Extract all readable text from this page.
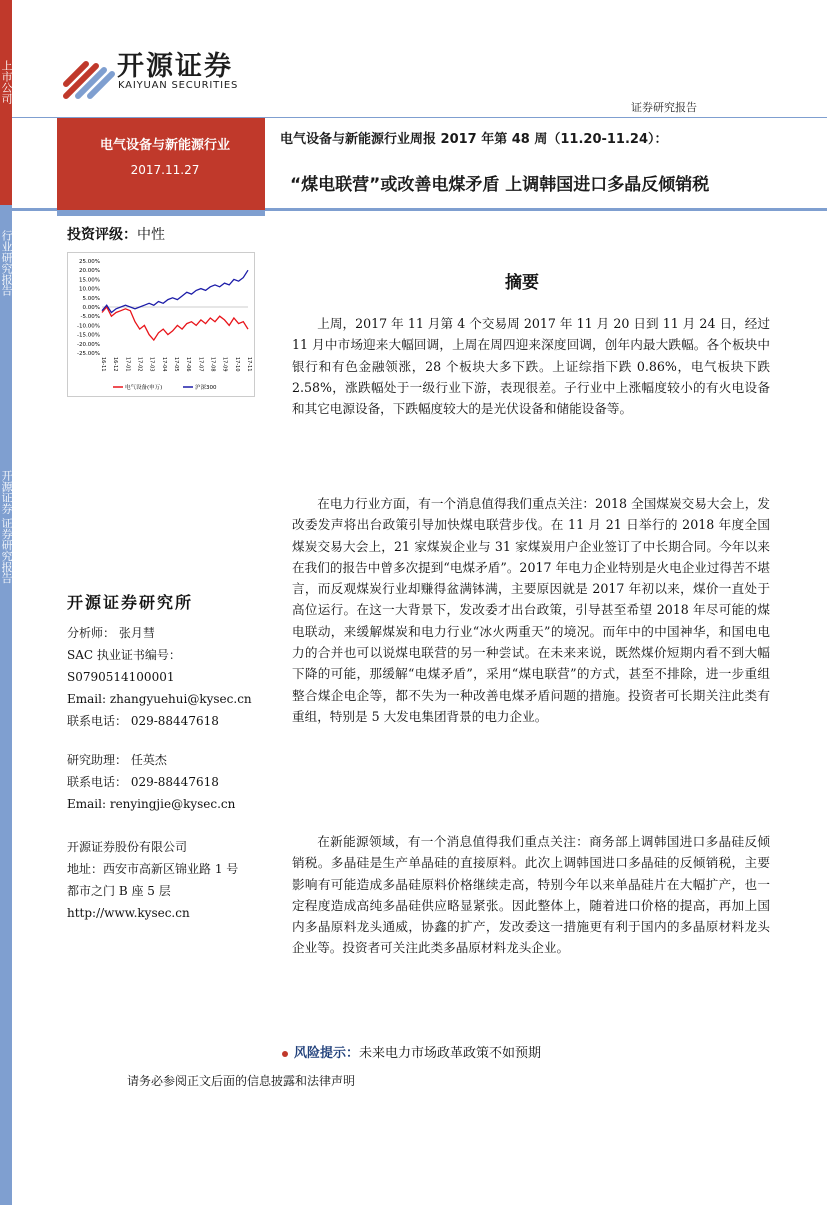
上市公司
行业研究报告
开源证券 证券研究报告
开源证券
KAIYUAN SECURITIES
证券研究报告
电气设备与新能源行业
2017.11.27
投资评级：中性
25.00%
20.00%
15.00%
10.00%
5.00%
0.00%
-5.00%
-10.00%
-15.00%
-20.00%
-25.00%
16-11 16-12 17-01 17-02 17-03 17-04 17-05 17-06 17-07 17-08 17-09 17-10 17-11
电气设备(申万)	沪深300
开源证券研究所
分析师： 张月彗
SAC 执业证书编号：
S0790514100001
Email: zhangyuehui@kysec.cn
联系电话： 029-88447618
研究助理： 任英杰
联系电话： 029-88447618
Email: renyingjie@kysec.cn
开源证券股份有限公司
地址：西安市高新区锦业路 1 号
都市之门 B 座 5 层
http://www.kysec.cn
电气设备与新能源行业周报 2017 年第 48 周（11.20-11.24）：
“煤电联营”或改善电煤矛盾 上调韩国进口多晶反倾销税
摘要
上周，2017 年 11 月第 4 个交易周 2017 年 11 月 20 日到 11 月 24 日，经过 11 月中市场迎来大幅回调，上周在周四迎来深度回调，创年内最大跌幅。各个板块中银行和有色金融领涨，28 个板块大多下跌。上证综指下跌 0.86%，电气板块下跌 2.58%，涨跌幅处于一级行业下游，表现很差。子行业中上涨幅度较小的有火电设备和其它电源设备，下跌幅度较大的是光伏设备和储能设备等。
在电力行业方面，有一个消息值得我们重点关注：2018 全国煤炭交易大会上，发改委发声将出台政策引导加快煤电联营步伐。在 11 月 21 日举行的 2018 年度全国煤炭交易大会上，21 家煤炭企业与 31 家煤炭用户企业签订了中长期合同。今年以来在我们的报告中曾多次提到“电煤矛盾”。2017 年电力企业特别是火电企业过得苦不堪言，而反观煤炭行业却赚得盆满钵满，主要原因就是 2017 年初以来，煤价一直处于高位运行。在这一大背景下，发改委才出台政策，引导甚至希望 2018 年尽可能的煤电联动，来缓解煤炭和电力行业“冰火两重天”的境况。而年中的中国神华，和国电电力的合并也可以说煤电联营的另一种尝试。在未来来说，既然煤价短期内看不到大幅下降的可能，那缓解“电煤矛盾”，采用“煤电联营”的方式，甚至不排除，进一步重组整合煤企电企等，都不失为一种改善电煤矛盾问题的措施。投资者可长期关注此类有重组，特别是 5 大发电集团背景的电力企业。
在新能源领域，有一个消息值得我们重点关注：商务部上调韩国进口多晶硅反倾销税。多晶硅是生产单晶硅的直接原料。此次上调韩国进口多晶硅的反倾销税，主要影响有可能造成多晶硅原料价格继续走高，特别今年以来单晶硅片在大幅扩产，也一定程度造成高纯多晶硅供应略显紧张。因此整体上，随着进口价格的提高，再加上国内多晶原料龙头通威，协鑫的扩产，发改委这一措施更有利于国内的多晶原材料龙头企业等。投资者可关注此类多晶原材料龙头企业。
风险提示：未来电力市场政革政策不如预期
请务必参阅正文后面的信息披露和法律声明
